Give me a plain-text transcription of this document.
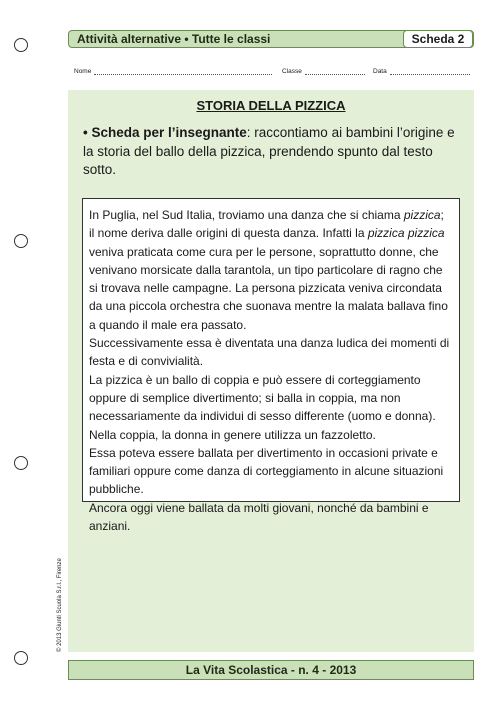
Attività alternative • Tutte le classi	Scheda 2
Nome	Classe	Data
STORIA DELLA PIZZICA
• Scheda per l’insegnante: raccontiamo ai bambini l’origine e la storia del ballo della pizzica, prendendo spunto dal testo sotto.

In Puglia, nel Sud Italia, troviamo una danza che si chiama pizzica; il nome deriva dalle origini di questa danza. Infatti la pizzica pizzica veniva praticata come cura per le persone, soprattutto donne, che venivano morsicate dalla tarantola, un tipo particolare di ragno che si trovava nelle campagne. La persona pizzicata veniva circondata da una piccola orchestra che suonava mentre la malata ballava fino a quando il male era passato.

Successivamente essa è diventata una danza ludica dei momenti di festa e di convivialità.

La pizzica è un ballo di coppia e può essere di corteggiamento oppure di semplice divertimento; si balla in coppia, ma non necessariamente da individui di sesso differente (uomo e donna).

Nella coppia, la donna in genere utilizza un fazzoletto.

Essa poteva essere ballata per divertimento in occasioni private e familiari oppure come danza di corteggiamento in alcune situazioni pubbliche.

Ancora oggi viene ballata da molti giovani, nonché da bambini e anziani.

© 2013 Giunti Scuola S.r.l., Firenze
La Vita Scolastica - n. 4 - 2013
